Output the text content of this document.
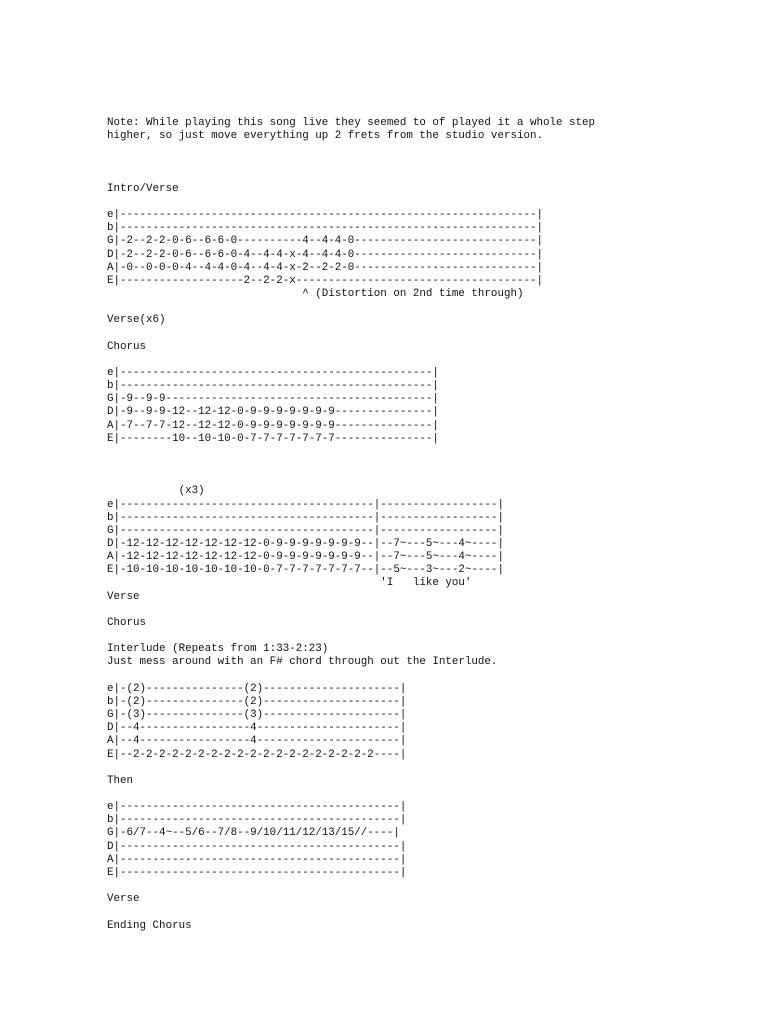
Note: While playing this song live they seemed to of played it a whole step
higher, so just move everything up 2 frets from the studio version.

Intro/Verse

e|----------------------------------------------------------------|
b|----------------------------------------------------------------|
G|-2--2-2-0-6--6-6-0----------4--4-4-0----------------------------|
D|-2--2-2-0-6--6-6-0-4--4-4-x-4--4-4-0----------------------------|
A|-0--0-0-0-4--4-4-0-4--4-4-x-2--2-2-0----------------------------|
E|-------------------2--2-2-x-------------------------------------|
^ (Distortion on 2nd time through)

Verse(x6)

Chorus

e|------------------------------------------------|
b|------------------------------------------------|
G|-9--9-9-----------------------------------------|
D|-9--9-9-12--12-12-0-9-9-9-9-9-9-9---------------|
A|-7--7-7-12--12-12-0-9-9-9-9-9-9-9---------------|
E|--------10--10-10-0-7-7-7-7-7-7-7---------------|

(x3)
e|---------------------------------------|------------------|
b|---------------------------------------|------------------|
G|---------------------------------------|------------------|
D|-12-12-12-12-12-12-12-0-9-9-9-9-9-9-9--|--7~---5~---4~----|
A|-12-12-12-12-12-12-12-0-9-9-9-9-9-9-9--|--7~---5~---4~----|
E|-10-10-10-10-10-10-10-0-7-7-7-7-7-7-7--|--5~---3~---2~----|
'I   like you'
Verse

Chorus

Interlude (Repeats from 1:33-2:23)
Just mess around with an F# chord through out the Interlude.

e|-(2)---------------(2)---------------------|
b|-(2)---------------(2)---------------------|
G|-(3)---------------(3)---------------------|
D|--4-----------------4----------------------|
A|--4-----------------4----------------------|
E|--2-2-2-2-2-2-2-2-2-2-2-2-2-2-2-2-2-2-2----|

Then

e|-------------------------------------------|
b|-------------------------------------------|
G|-6/7--4~--5/6--7/8--9/10/11/12/13/15//----|
D|-------------------------------------------|
A|-------------------------------------------|
E|-------------------------------------------|

Verse

Ending Chorus
